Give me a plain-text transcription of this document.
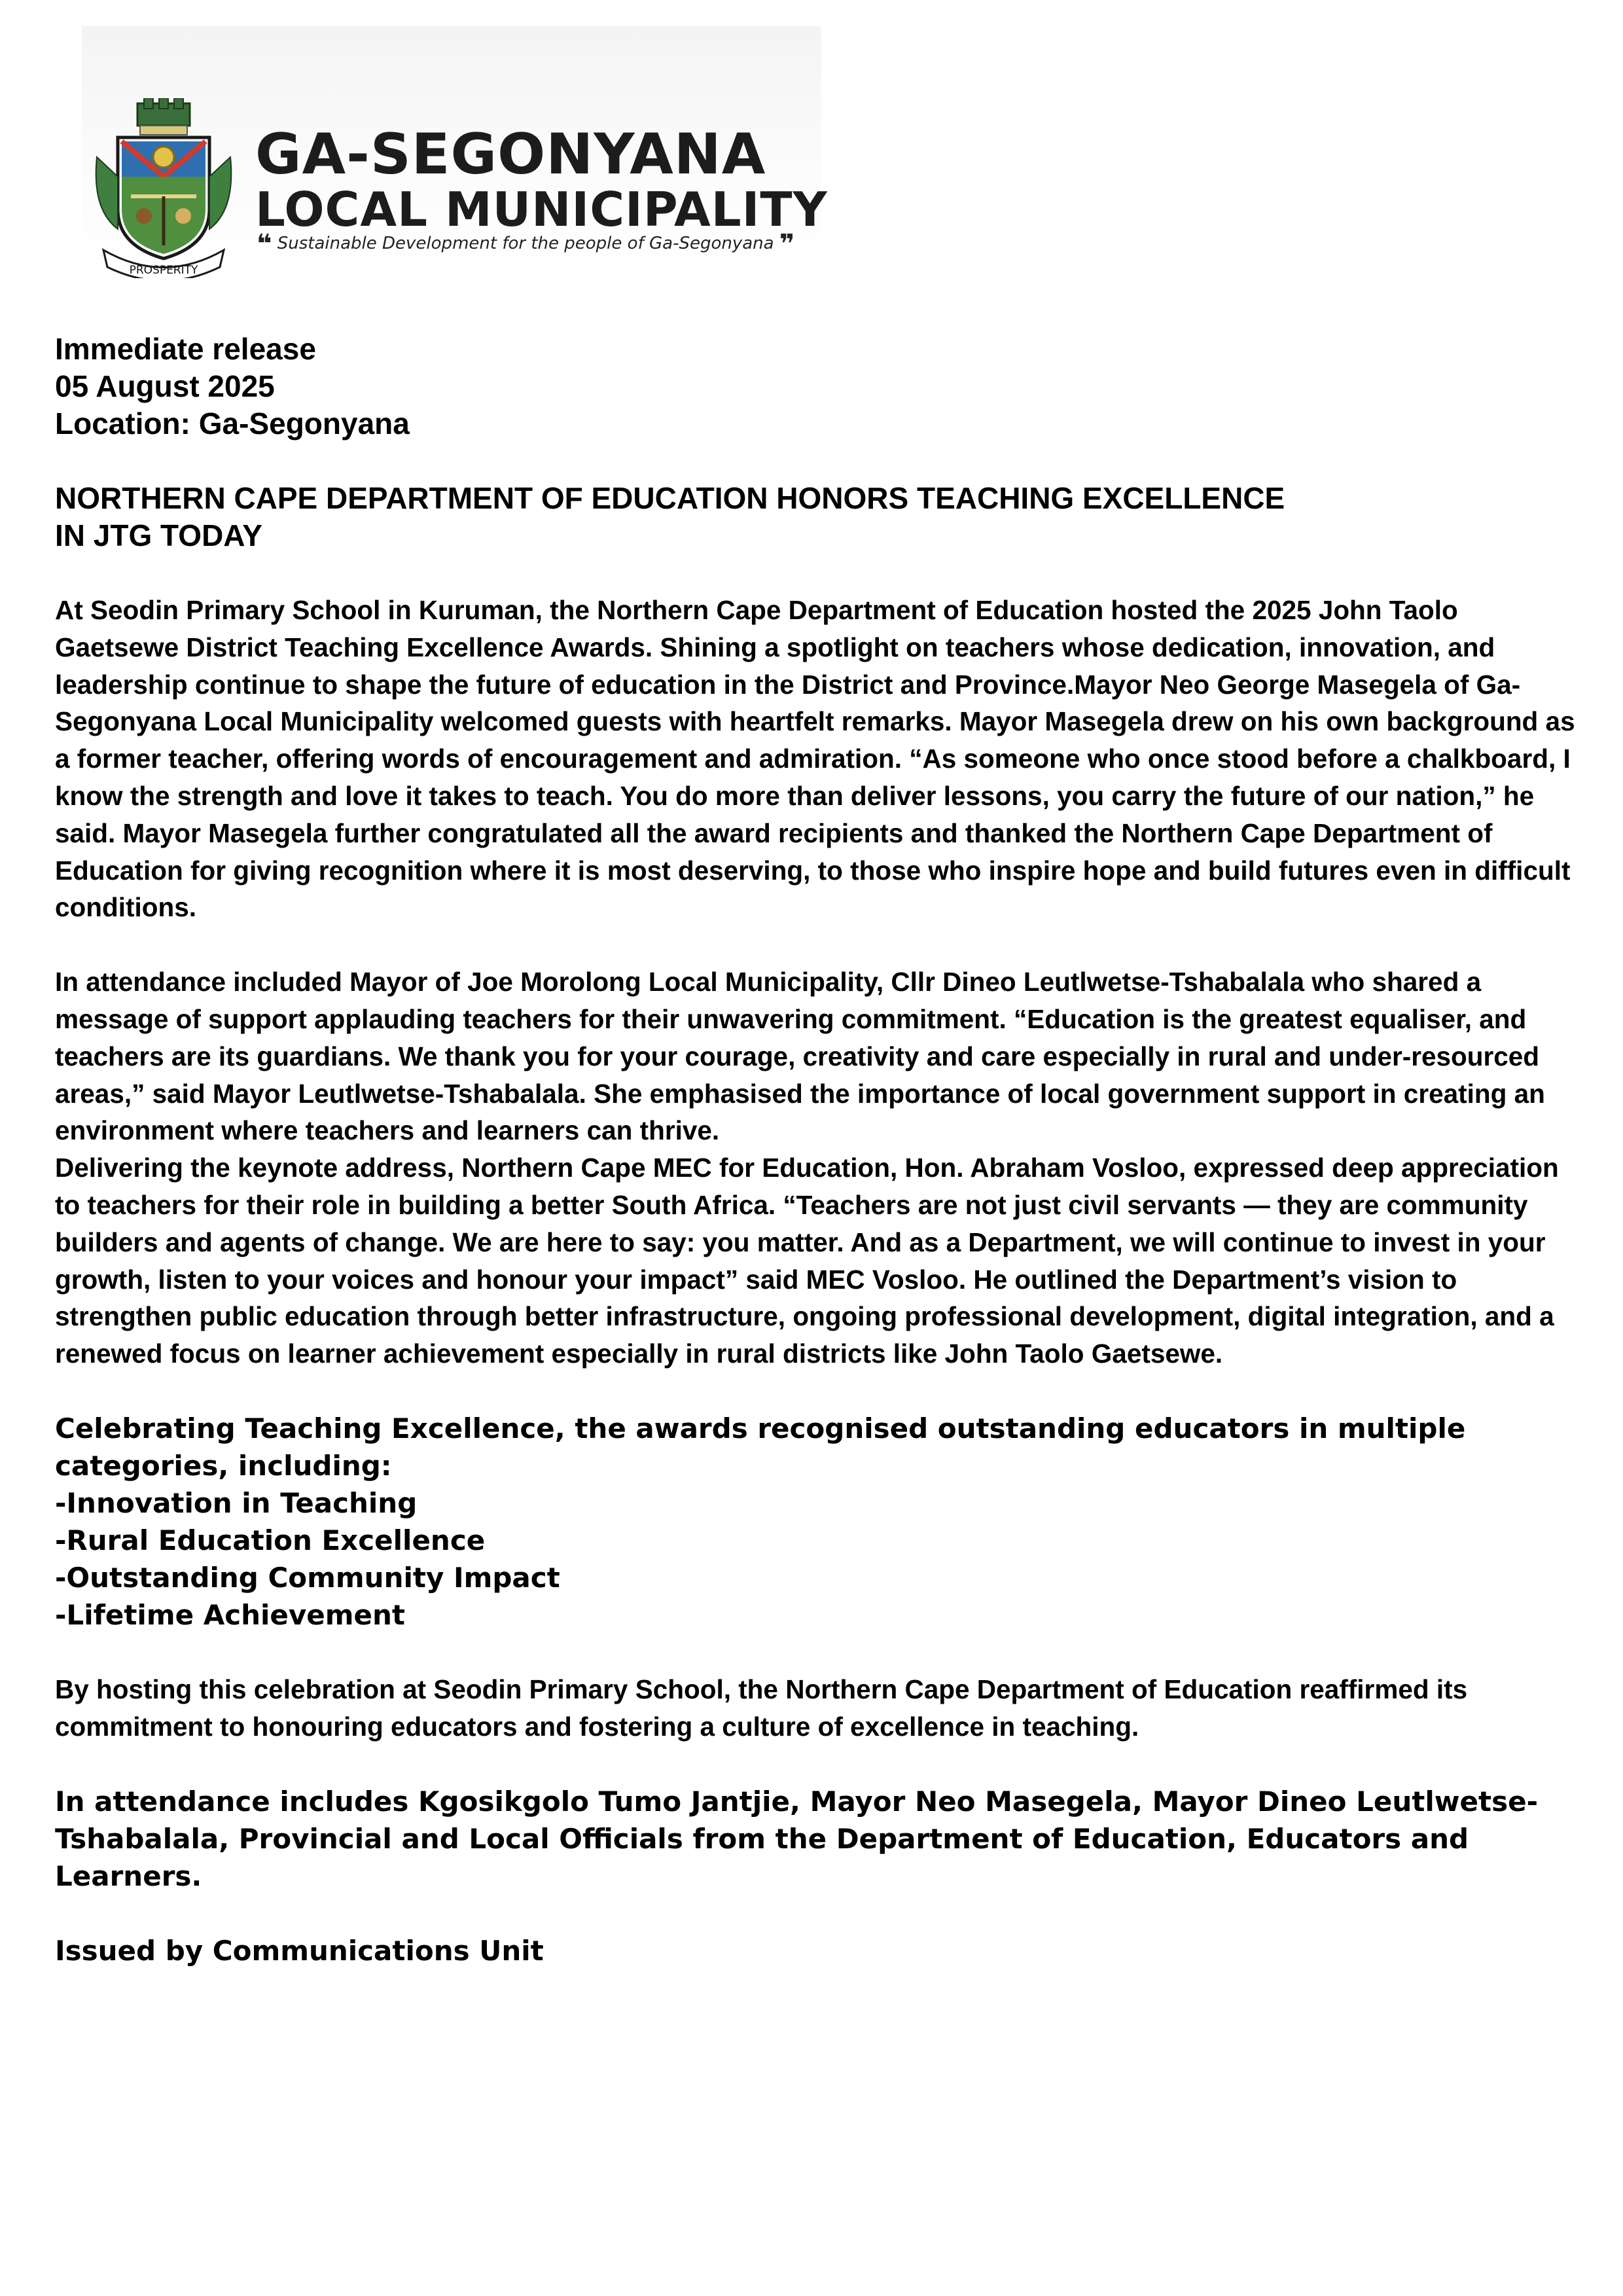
PROSPERITY
GA-SEGONYANA
LOCAL MUNICIPALITY
❝ Sustainable Development for the people of Ga-Segonyana ❞

Immediate release

05 August 2025

Location: Ga-Segonyana

NORTHERN CAPE DEPARTMENT OF EDUCATION HONORS TEACHING EXCELLENCE

IN JTG TODAY

At Seodin Primary School in Kuruman, the Northern Cape Department of Education hosted the 2025 John Taolo Gaetsewe District Teaching Excellence Awards. Shining a spotlight on teachers whose dedication, innovation, and leadership continue to shape the future of education in the District and Province.Mayor Neo George Masegela of Ga-Segonyana Local Municipality welcomed guests with heartfelt remarks. Mayor Masegela drew on his own background as a former teacher, offering words of encouragement and admiration. “As someone who once stood before a chalkboard, I know the strength and love it takes to teach. You do more than deliver lessons, you carry the future of our nation,” he said. Mayor Masegela further congratulated all the award recipients and thanked the Northern Cape Department of Education for giving recognition where it is most deserving, to those who inspire hope and build futures even in difficult conditions.

In attendance included Mayor of Joe Morolong Local Municipality, Cllr Dineo Leutlwetse-Tshabalala who shared a message of support applauding teachers for their unwavering commitment. “Education is the greatest equaliser, and teachers are its guardians. We thank you for your courage, creativity and care especially in rural and under-resourced areas,” said Mayor Leutlwetse-Tshabalala. She emphasised the importance of local government support in creating an environment where teachers and learners can thrive.

Delivering the keynote address, Northern Cape MEC for Education, Hon. Abraham Vosloo, expressed deep appreciation to teachers for their role in building a better South Africa. “Teachers are not just civil servants — they are community builders and agents of change. We are here to say: you matter. And as a Department, we will continue to invest in your growth, listen to your voices and honour your impact” said MEC Vosloo. He outlined the Department’s vision to strengthen public education through better infrastructure, ongoing professional development, digital integration, and a renewed focus on learner achievement especially in rural districts like John Taolo Gaetsewe.

Celebrating Teaching Excellence, the awards recognised outstanding educators in multiple categories, including:

-Innovation in Teaching

-Rural Education Excellence

-Outstanding Community Impact

-Lifetime Achievement

By hosting this celebration at Seodin Primary School, the Northern Cape Department of Education reaffirmed its commitment to honouring educators and fostering a culture of excellence in teaching.

In attendance includes Kgosikgolo Tumo Jantjie, Mayor Neo Masegela, Mayor Dineo Leutlwetse-Tshabalala, Provincial and Local Officials from the Department of Education, Educators and Learners.

Issued by Communications Unit
